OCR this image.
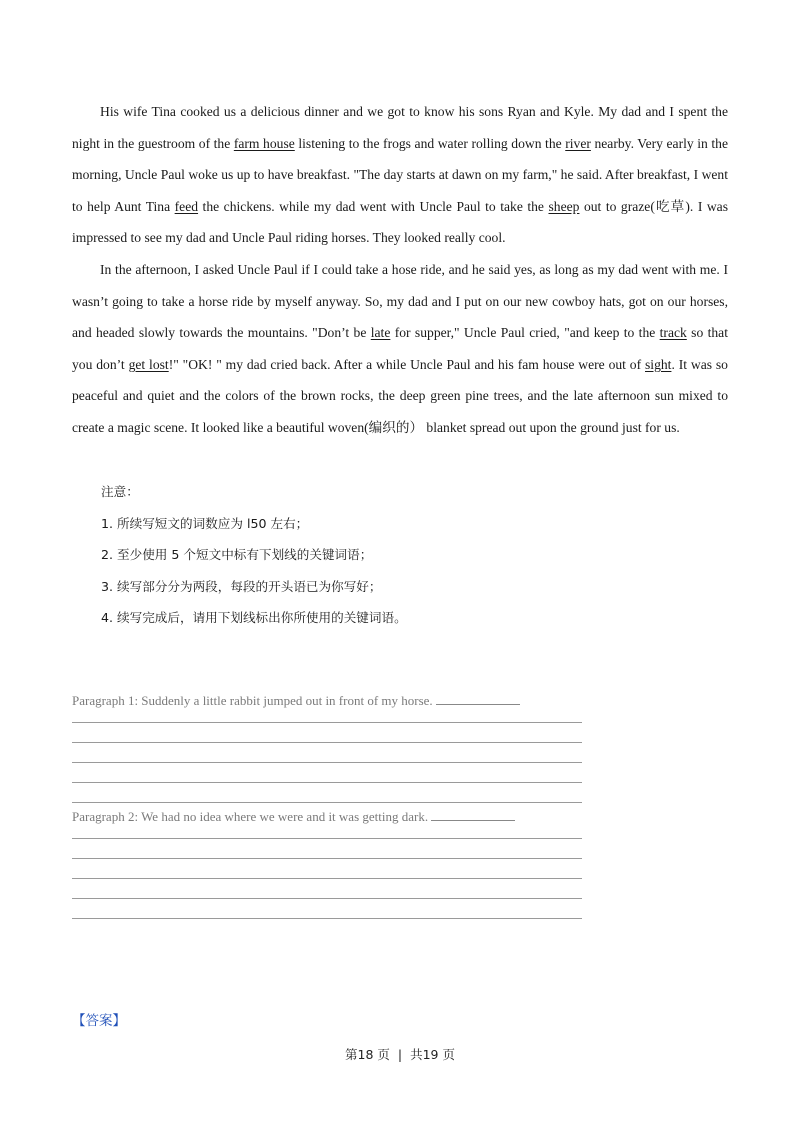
His wife Tina cooked us a delicious dinner and we got to know his sons Ryan and Kyle. My dad and I spent the night in the guestroom of the farm house listening to the frogs and water rolling down the river nearby. Very early in the morning, Uncle Paul woke us up to have breakfast. "The day starts at dawn on my farm," he said. After breakfast, I went to help Aunt Tina feed the chickens. while my dad went with Uncle Paul to take the sheep out to graze(吃草). I was impressed to see my dad and Uncle Paul riding horses. They looked really cool.

In the afternoon, I asked Uncle Paul if I could take a hose ride, and he said yes, as long as my dad went with me. I wasn’t going to take a horse ride by myself anyway. So, my dad and I put on our new cowboy hats, got on our horses, and headed slowly towards the mountains. "Don’t be late for supper," Uncle Paul cried, "and keep to the track so that you don’t get lost!" "OK! " my dad cried back. After a while Uncle Paul and his fam house were out of sight. It was so peaceful and quiet and the colors of the brown rocks, the deep green pine trees, and the late afternoon sun mixed to create a magic scene. It looked like a beautiful woven(编织的） blanket spread out upon the ground just for us.

注意：
1. 所续写短文的词数应为 l50 左右；
2. 至少使用 5 个短文中标有下划线的关键词语；
3. 续写部分分为两段，每段的开头语已为你写好；
4. 续写完成后，请用下划线标出你所使用的关键词语。
Paragraph 1: Suddenly a little rabbit jumped out in front of my horse.
Paragraph 2: We had no idea where we were and it was getting dark.
【答案】
第18 页 | 共19 页
